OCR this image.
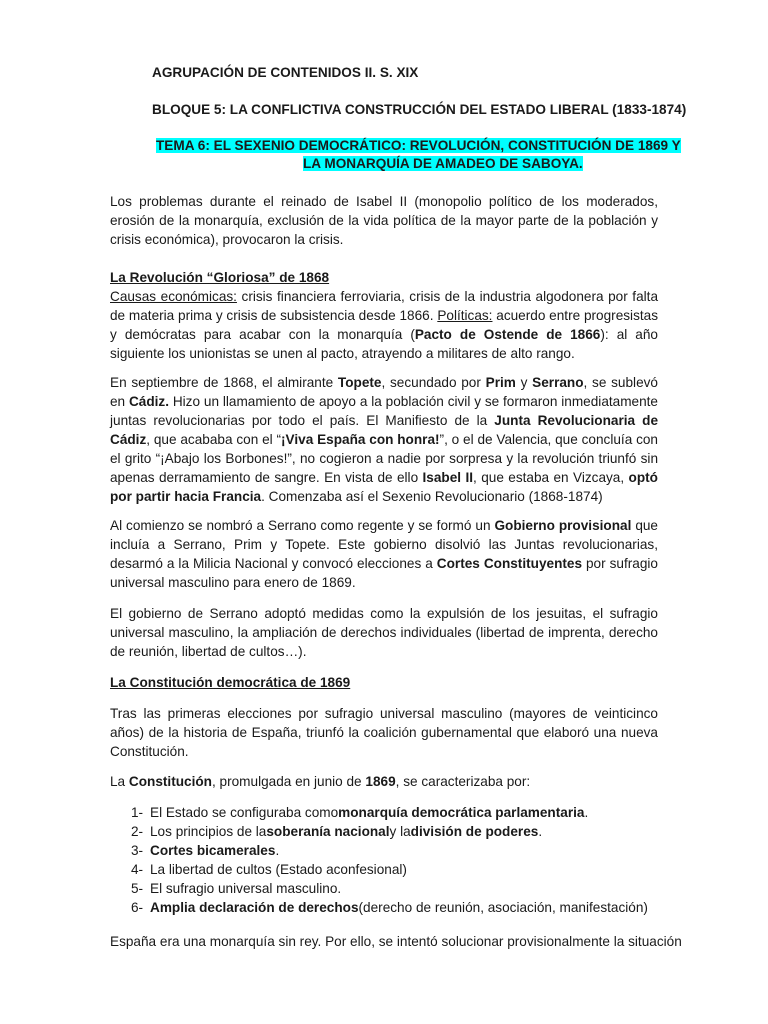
AGRUPACIÓN DE CONTENIDOS II. S. XIX

BLOQUE 5: LA CONFLICTIVA CONSTRUCCIÓN DEL ESTADO LIBERAL (1833-1874)

TEMA 6: EL SEXENIO DEMOCRÁTICO: REVOLUCIÓN, CONSTITUCIÓN DE 1869 Y

LA MONARQUÍA DE AMADEO DE SABOYA.

Los problemas durante el reinado de Isabel II (monopolio político de los moderados, erosión de la monarquía, exclusión de la vida política de la mayor parte de la población y crisis económica), provocaron la crisis.

La Revolución “Gloriosa” de 1868

Causas económicas: crisis financiera ferroviaria, crisis de la industria algodonera por falta de materia prima y crisis de subsistencia desde 1866. Políticas: acuerdo entre progresistas y demócratas para acabar con la monarquía (Pacto de Ostende de 1866): al año siguiente los unionistas se unen al pacto, atrayendo a militares de alto rango.

En septiembre de 1868, el almirante Topete, secundado por Prim y Serrano, se sublevó en Cádiz. Hizo un llamamiento de apoyo a la población civil y se formaron inmediatamente juntas revolucionarias por todo el país. El Manifiesto de la Junta Revolucionaria de Cádiz, que acababa con el “¡Viva España con honra!”, o el de Valencia, que concluía con el grito “¡Abajo los Borbones!”, no cogieron a nadie por sorpresa y la revolución triunfó sin apenas derramamiento de sangre. En vista de ello Isabel II, que estaba en Vizcaya, optó por partir hacia Francia. Comenzaba así el Sexenio Revolucionario (1868-1874)

Al comienzo se nombró a Serrano como regente y se formó un Gobierno provisional que incluía a Serrano, Prim y Topete. Este gobierno disolvió las Juntas revolucionarias, desarmó a la Milicia Nacional y convocó elecciones a Cortes Constituyentes por sufragio universal masculino para enero de 1869.

El gobierno de Serrano adoptó medidas como la expulsión de los jesuitas, el sufragio universal masculino, la ampliación de derechos individuales (libertad de imprenta, derecho de reunión, libertad de cultos…).

La Constitución democrática de 1869

Tras las primeras elecciones por sufragio universal masculino (mayores de veinticinco años) de la historia de España, triunfó la coalición gubernamental que elaboró una nueva Constitución.

La Constitución, promulgada en junio de 1869, se caracterizaba por:

1- El Estado se configuraba como monarquía democrática parlamentaria .
2- Los principios de la soberanía nacional y la división de poderes .
3- Cortes bicamerales .
4- La libertad de cultos (Estado aconfesional)
5- El sufragio universal masculino.
6- Amplia declaración de derechos (derecho de reunión, asociación, manifestación)

España era una monarquía sin rey. Por ello, se intentó solucionar provisionalmente la situación
